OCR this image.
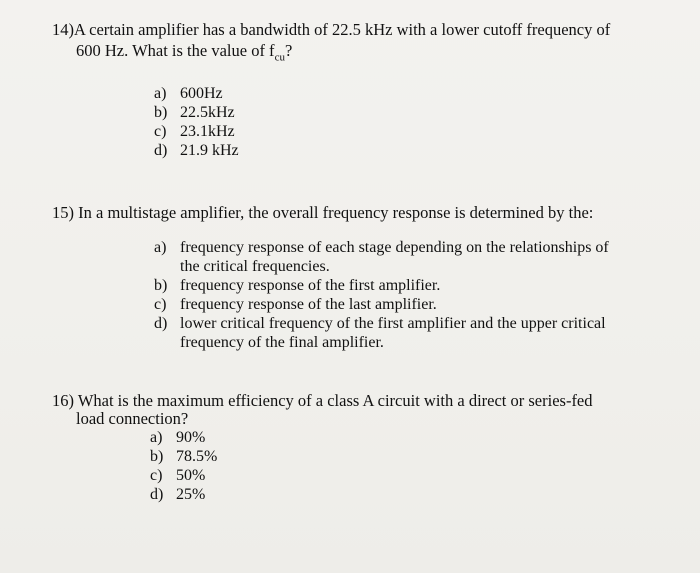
14)A certain amplifier has a bandwidth of 22.5 kHz with a lower cutoff frequency of
600 Hz. What is the value of $f_{cu}$?
a) 600Hz
b) 22.5kHz
c) 23.1kHz
d) 21.9 kHz
15) In a multistage amplifier, the overall frequency response is determined by the:
a) frequency response of each stage depending on the relationships of
the critical frequencies.
b) frequency response of the first amplifier.
c) frequency response of the last amplifier.
d) lower critical frequency of the first amplifier and the upper critical
frequency of the final amplifier.
16) What is the maximum efficiency of a class A circuit with a direct or series-fed
load connection?
a) 90%
b) 78.5%
c) 50%
d) 25%
